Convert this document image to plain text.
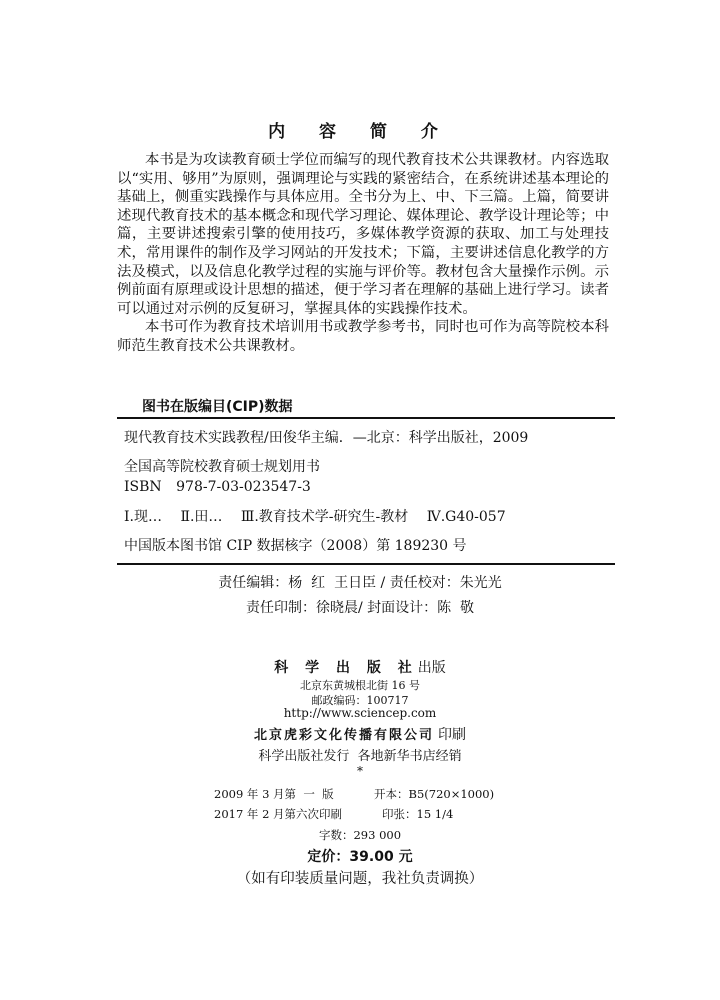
内 容 简 介

本书是为攻读教育硕士学位而编写的现代教育技术公共课教材。内容选取以“实用、够用”为原则，强调理论与实践的紧密结合，在系统讲述基本理论的基础上，侧重实践操作与具体应用。全书分为上、中、下三篇。上篇，简要讲述现代教育技术的基本概念和现代学习理论、媒体理论、教学设计理论等；中篇，主要讲述搜索引擎的使用技巧，多媒体教学资源的获取、加工与处理技术，常用课件的制作及学习网站的开发技术；下篇，主要讲述信息化教学的方法及模式，以及信息化教学过程的实施与评价等。教材包含大量操作示例。示例前面有原理或设计思想的描述，便于学习者在理解的基础上进行学习。读者可以通过对示例的反复研习，掌握具体的实践操作技术。

本书可作为教育技术培训用书或教学参考书，同时也可作为高等院校本科师范生教育技术公共课教材。

图书在版编目(CIP)数据
现代教育技术实践教程/田俊华主编．—北京：科学出版社，2009
全国高等院校教育硕士规划用书
ISBN 978-7-03-023547-3
Ⅰ.现… Ⅱ.田… Ⅲ.教育技术学-研究生-教材 Ⅳ.G40-057
中国版本图书馆 CIP 数据核字（2008）第 189230 号
责任编辑：杨  红  王日臣 / 责任校对：朱光光
责任印制：徐晓晨/ 封面设计：陈  敬
科 学 出 版 社出版
北京东黄城根北街 16 号
邮政编码：100717
http://www.sciencep.com
北京虎彩文化传播有限公司 印刷
科学出版社发行  各地新华书店经销
*
2009 年 3 月第  一  版	开本：B5(720×1000)
2017 年 2 月第六次印刷	印张：15 1/4
字数：293 000
定价：39.00 元
（如有印装质量问题，我社负责调换）
